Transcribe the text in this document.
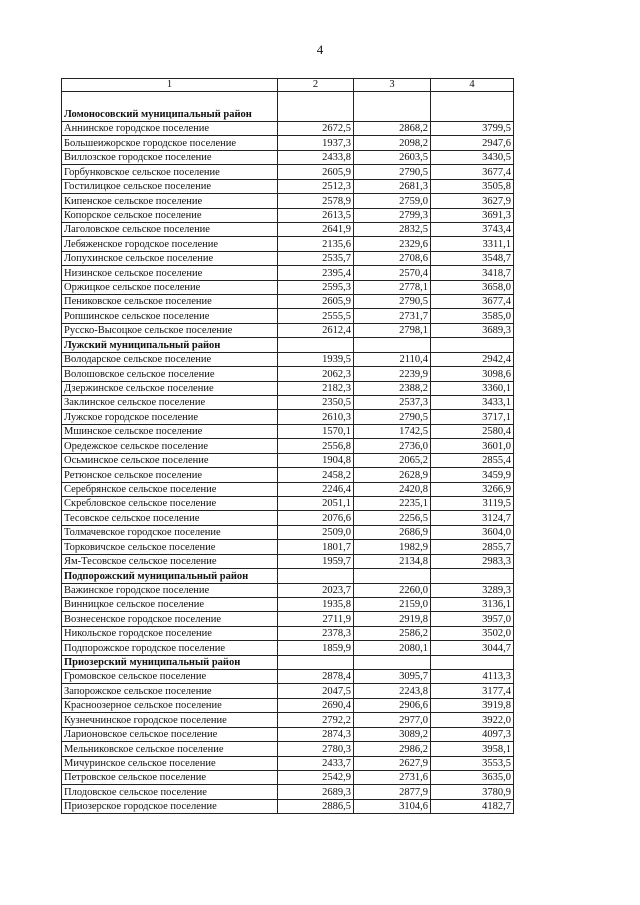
4
1	2	3	4
Ломоносовский муниципальный район			
Аннинское городское поселение	2672,5	2868,2	3799,5
Большеижорское городское поселение	1937,3	2098,2	2947,6
Виллозское городское поселение	2433,8	2603,5	3430,5
Горбунковское сельское поселение	2605,9	2790,5	3677,4
Гостилицкое сельское поселение	2512,3	2681,3	3505,8
Кипенское сельское поселение	2578,9	2759,0	3627,9
Копорское сельское поселение	2613,5	2799,3	3691,3
Лаголовское сельское поселение	2641,9	2832,5	3743,4
Лебяженское городское поселение	2135,6	2329,6	3311,1
Лопухинское сельское поселение	2535,7	2708,6	3548,7
Низинское сельское поселение	2395,4	2570,4	3418,7
Оржицкое сельское поселение	2595,3	2778,1	3658,0
Пениковское сельское поселение	2605,9	2790,5	3677,4
Ропшинское сельское поселение	2555,5	2731,7	3585,0
Русско-Высоцкое сельское поселение	2612,4	2798,1	3689,3
Лужский муниципальный район			
Володарское сельское поселение	1939,5	2110,4	2942,4
Волошовское сельское поселение	2062,3	2239,9	3098,6
Дзержинское сельское поселение	2182,3	2388,2	3360,1
Заклинское сельское поселение	2350,5	2537,3	3433,1
Лужское городское поселение	2610,3	2790,5	3717,1
Мшинское сельское поселение	1570,1	1742,5	2580,4
Оредежское сельское поселение	2556,8	2736,0	3601,0
Осьминское сельское поселение	1904,8	2065,2	2855,4
Ретюнское сельское поселение	2458,2	2628,9	3459,9
Серебрянское сельское поселение	2246,4	2420,8	3266,9
Скребловское сельское поселение	2051,1	2235,1	3119,5
Тесовское сельское поселение	2076,6	2256,5	3124,7
Толмачевское городское поселение	2509,0	2686,9	3604,0
Торковичское сельское поселение	1801,7	1982,9	2855,7
Ям-Тесовское сельское поселение	1959,7	2134,8	2983,3
Подпорожский муниципальный район			
Важинское городское поселение	2023,7	2260,0	3289,3
Винницкое сельское поселение	1935,8	2159,0	3136,1
Вознесенское городское поселение	2711,9	2919,8	3957,0
Никольское городское поселение	2378,3	2586,2	3502,0
Подпорожское городское поселение	1859,9	2080,1	3044,7
Приозерский муниципальный район			
Громовское сельское поселение	2878,4	3095,7	4113,3
Запорожское сельское поселение	2047,5	2243,8	3177,4
Красноозерное сельское поселение	2690,4	2906,6	3919,8
Кузнечнинское городское поселение	2792,2	2977,0	3922,0
Ларионовское сельское поселение	2874,3	3089,2	4097,3
Мельниковское сельское поселение	2780,3	2986,2	3958,1
Мичуринское сельское поселение	2433,7	2627,9	3553,5
Петровское сельское поселение	2542,9	2731,6	3635,0
Плодовское сельское поселение	2689,3	2877,9	3780,9
Приозерское городское поселение	2886,5	3104,6	4182,7
